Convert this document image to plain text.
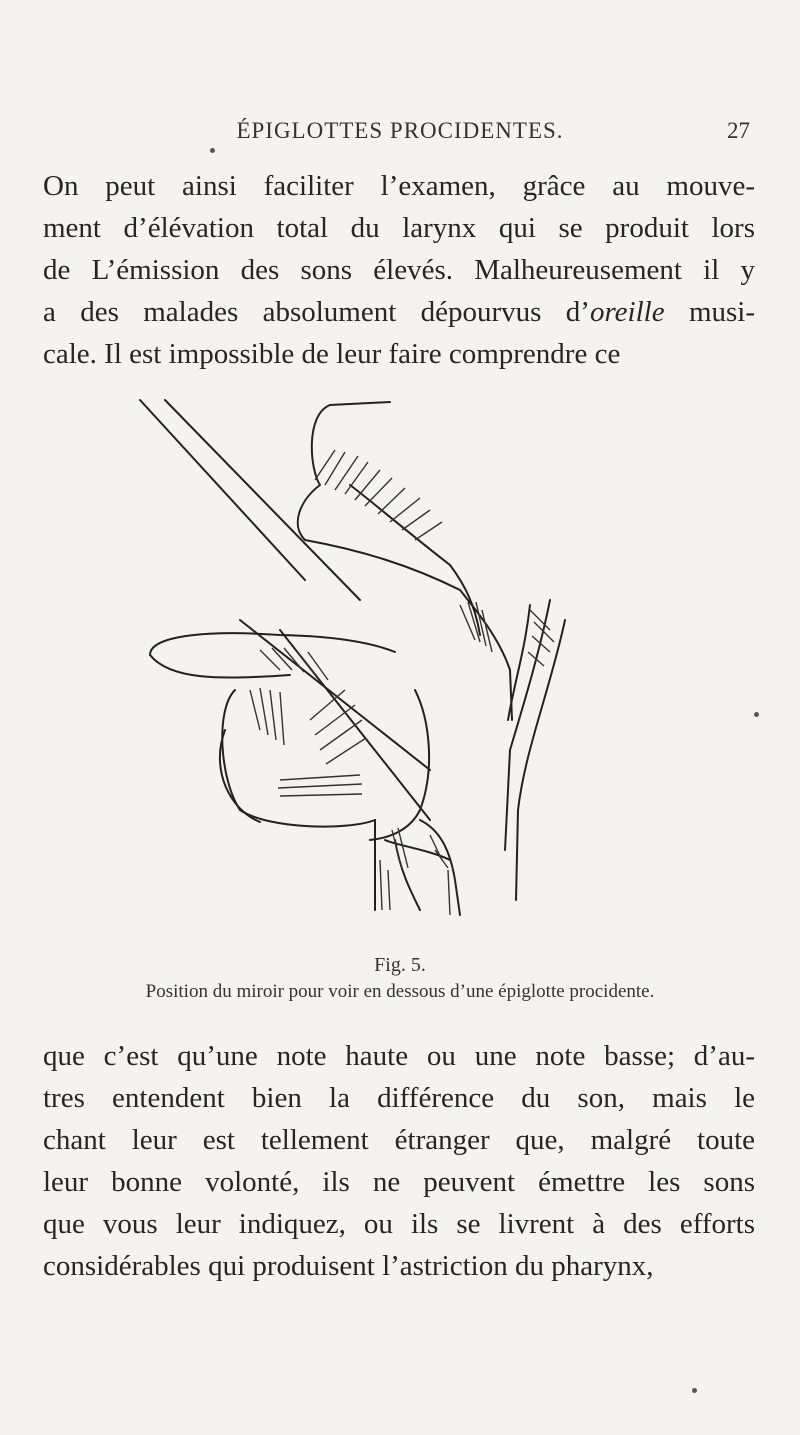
ÉPIGLOTTES PROCIDENTES.	27
On peut ainsi faciliter l’examen, grâce au mouve-
ment d’élévation total du larynx qui se produit lors
de L’émission des sons élevés. Malheureusement il y
a des malades absolument dépourvus d’oreille musi-
cale. Il est impossible de leur faire comprendre ce
Fig. 5.
Position du miroir pour voir en dessous d’une épiglotte procidente.
que c’est qu’une note haute ou une note basse; d’au-
tres entendent bien la différence du son, mais le
chant leur est tellement étranger que, malgré toute
leur bonne volonté, ils ne peuvent émettre les sons
que vous leur indiquez, ou ils se livrent à des efforts
considérables qui produisent l’astriction du pharynx,
